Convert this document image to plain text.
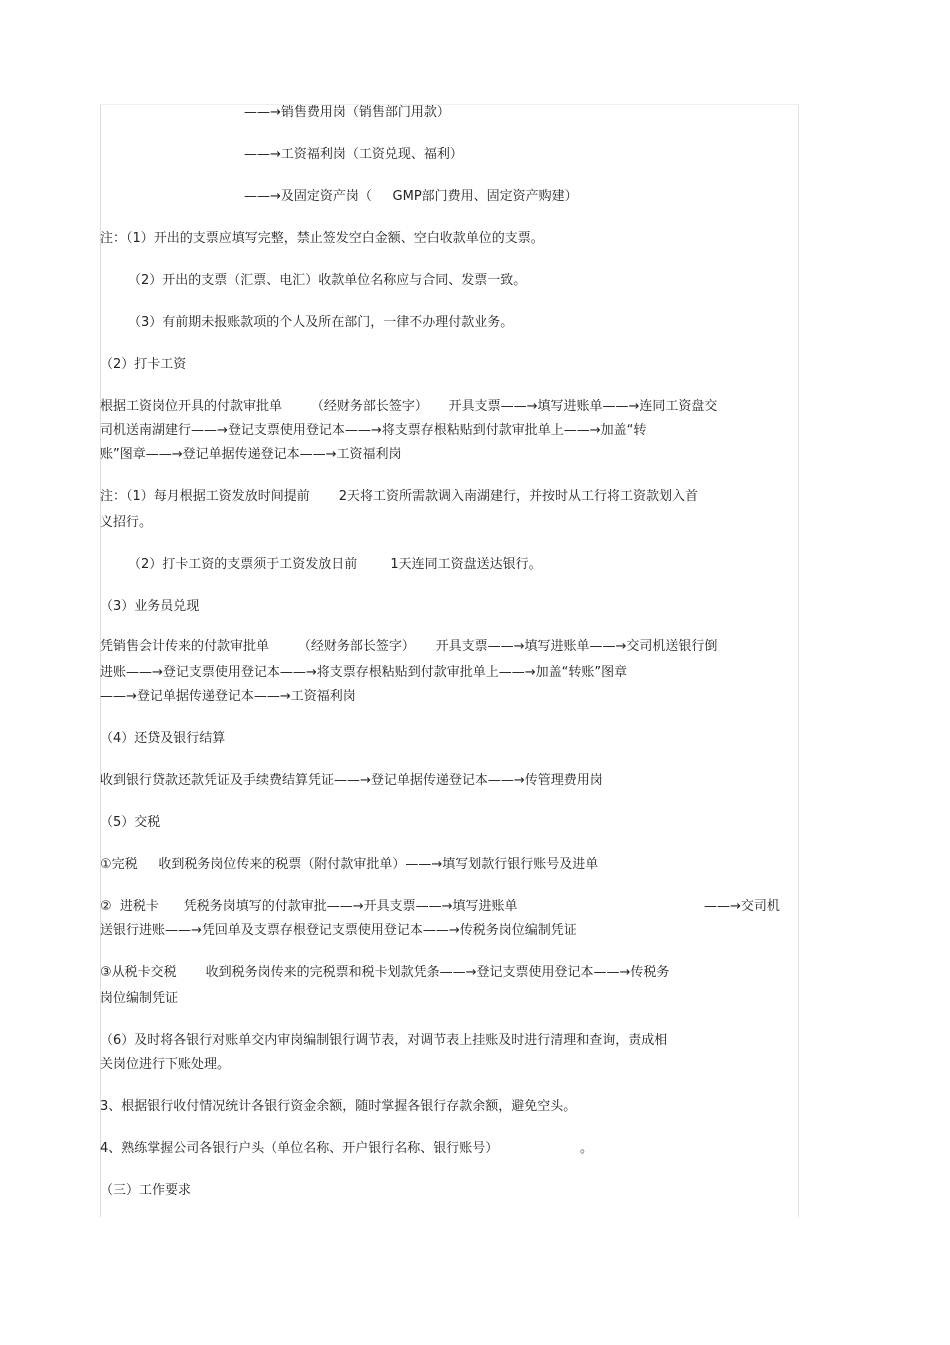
——→销售费用岗（销售部门用款）
——→工资福利岗（工资兑现、福利）
——→及固定资产岗（     GMP部门费用、固定资产购建）
注：（1）开出的支票应填写完整，禁止签发空白金额、空白收款单位的支票。
（2）开出的支票（汇票、电汇）收款单位名称应与合同、发票一致。
（3）有前期未报账款项的个人及所在部门，一律不办理付款业务。
（2）打卡工资
根据工资岗位开具的付款审批单       （经财务部长签字）     开具支票——→填写进账单——→连同工资盘交
司机送南湖建行——→登记支票使用登记本——→将支票存根粘贴到付款审批单上——→加盖“转
账”图章——→登记单据传递登记本——→工资福利岗
注：（1）每月根据工资发放时间提前       2天将工资所需款调入南湖建行，并按时从工行将工资款划入首
义招行。
（2）打卡工资的支票须于工资发放日前        1天连同工资盘送达银行。
（3）业务员兑现
凭销售会计传来的付款审批单       （经财务部长签字）     开具支票——→填写进账单——→交司机送银行倒
进账——→登记支票使用登记本——→将支票存根粘贴到付款审批单上——→加盖“转账”图章
——→登记单据传递登记本——→工资福利岗
（4）还贷及银行结算
收到银行贷款还款凭证及手续费结算凭证——→登记单据传递登记本——→传管理费用岗
（5）交税
①完税     收到税务岗位传来的税票（附付款审批单）——→填写划款行银行账号及进单
②  进税卡      凭税务岗填写的付款审批——→开具支票——→填写进账单	——→交司机
送银行进账——→凭回单及支票存根登记支票使用登记本——→传税务岗位编制凭证
③从税卡交税       收到税务岗传来的完税票和税卡划款凭条——→登记支票使用登记本——→传税务
岗位编制凭证
（6）及时将各银行对账单交内审岗编制银行调节表，对调节表上挂账及时进行清理和查询，责成相
关岗位进行下账处理。
3、根据银行收付情况统计各银行资金余额，随时掌握各银行存款余额，避免空头。
4、熟练掌握公司各银行户头（单位名称、开户银行名称、银行账号）	。
（三）工作要求
